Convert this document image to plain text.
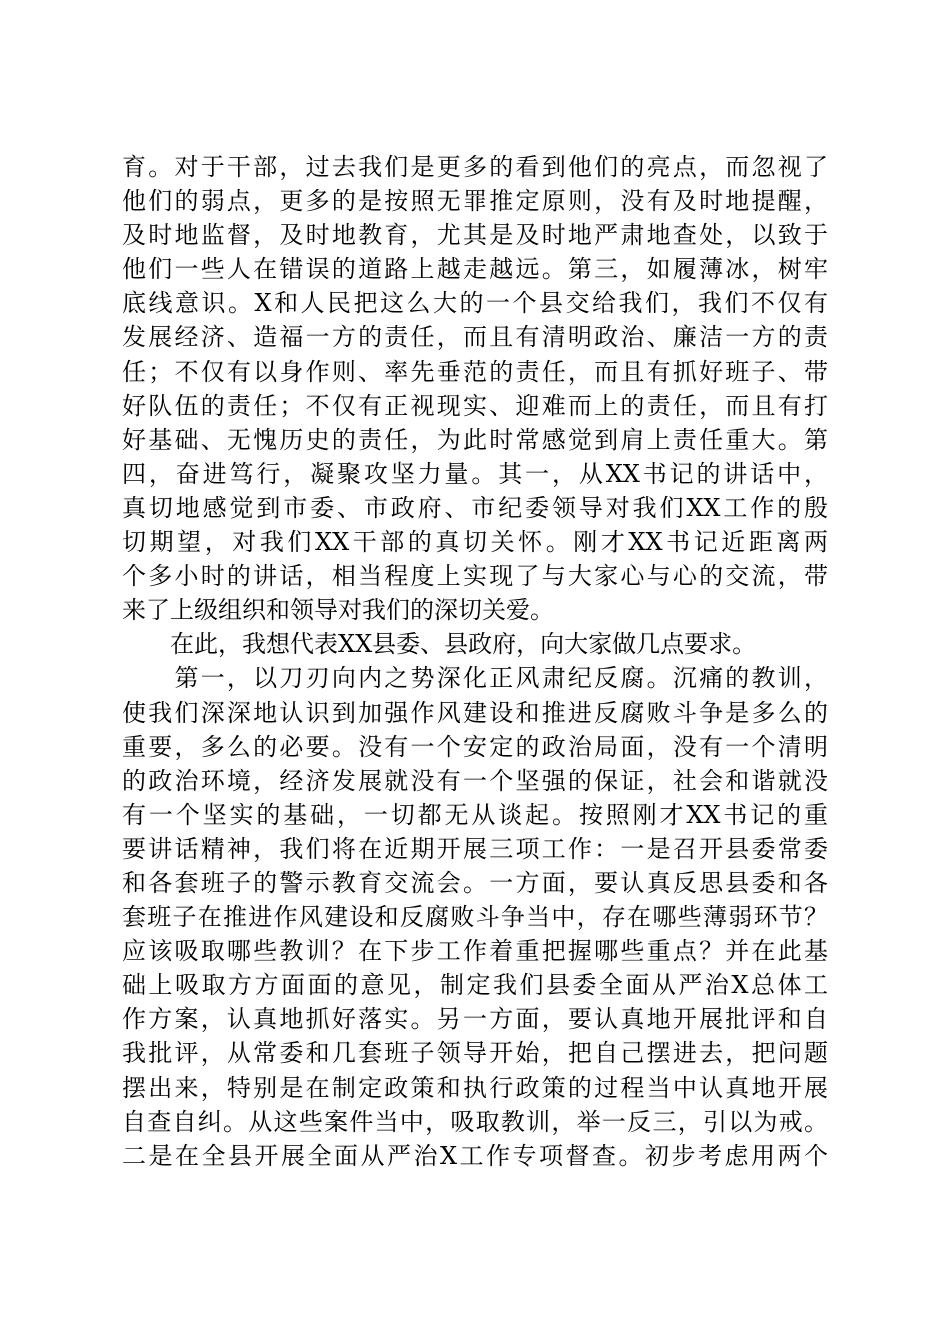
育。对于干部，过去我们是更多的看到他们的亮点，而忽视了
他们的弱点，更多的是按照无罪推定原则，没有及时地提醒，
及时地监督，及时地教育，尤其是及时地严肃地查处，以致于
他们一些人在错误的道路上越走越远。第三，如履薄冰，树牢
底线意识。X和人民把这么大的一个县交给我们，我们不仅有
发展经济、造福一方的责任，而且有清明政治、廉洁一方的责
任；不仅有以身作则、率先垂范的责任，而且有抓好班子、带
好队伍的责任；不仅有正视现实、迎难而上的责任，而且有打
好基础、无愧历史的责任，为此时常感觉到肩上责任重大。第
四，奋进笃行，凝聚攻坚力量。其一，从XX书记的讲话中，
真切地感觉到市委、市政府、市纪委领导对我们XX工作的殷
切期望，对我们XX干部的真切关怀。刚才XX书记近距离两
个多小时的讲话，相当程度上实现了与大家心与心的交流，带
来了上级组织和领导对我们的深切关爱。
　　在此，我想代表XX县委、县政府，向大家做几点要求。
　　第一，以刀刃向内之势深化正风肃纪反腐。沉痛的教训，
使我们深深地认识到加强作风建设和推进反腐败斗争是多么的
重要，多么的必要。没有一个安定的政治局面，没有一个清明
的政治环境，经济发展就没有一个坚强的保证，社会和谐就没
有一个坚实的基础，一切都无从谈起。按照刚才XX书记的重
要讲话精神，我们将在近期开展三项工作：一是召开县委常委
和各套班子的警示教育交流会。一方面，要认真反思县委和各
套班子在推进作风建设和反腐败斗争当中，存在哪些薄弱环节？
应该吸取哪些教训？在下步工作着重把握哪些重点？并在此基
础上吸取方方面面的意见，制定我们县委全面从严治X总体工
作方案，认真地抓好落实。另一方面，要认真地开展批评和自
我批评，从常委和几套班子领导开始，把自己摆进去，把问题
摆出来，特别是在制定政策和执行政策的过程当中认真地开展
自查自纠。从这些案件当中，吸取教训，举一反三，引以为戒。
二是在全县开展全面从严治X工作专项督查。初步考虑用两个
